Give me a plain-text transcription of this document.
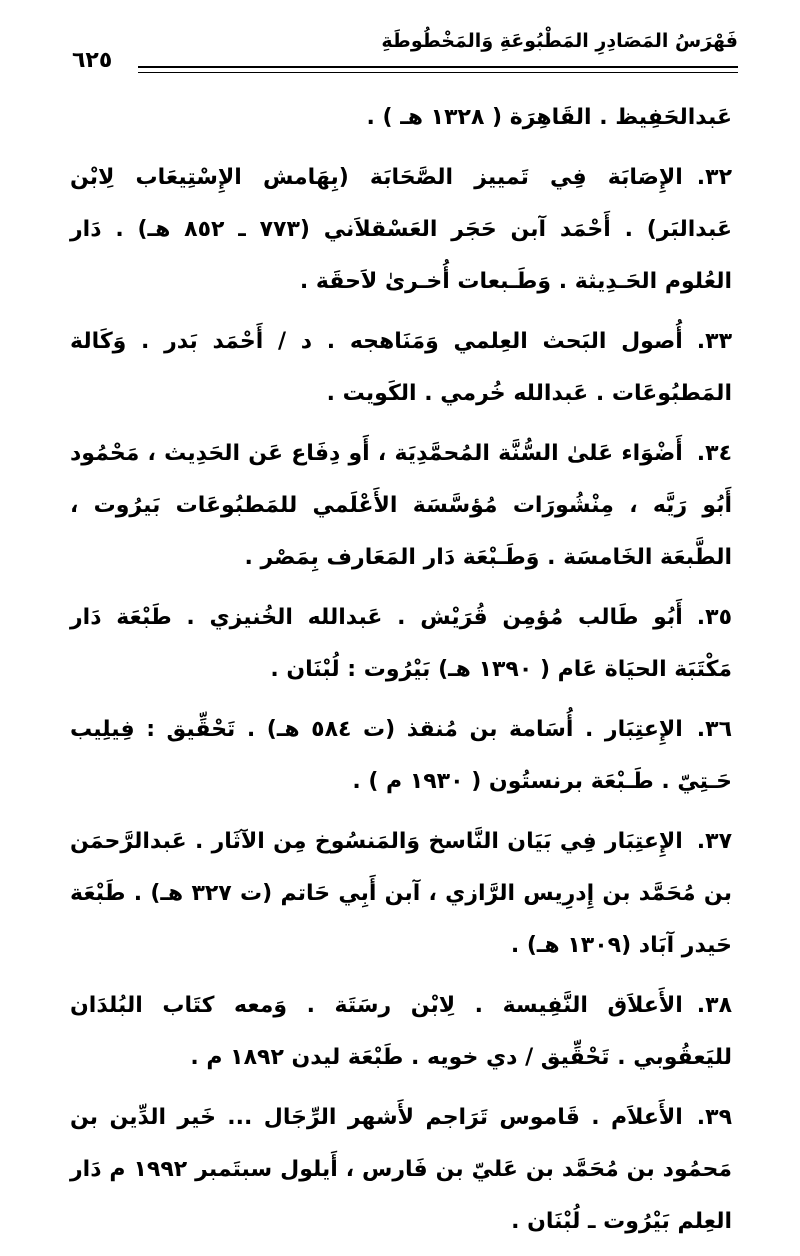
فَهْرَسُ المَصَادِرِ المَطْبُوعَةِ وَالمَخْطُوطَةِ
٦٢٥

عَبدالحَفِيظ . القَاهِرَة ( ١٣٢٨ هـ ) .

٣٢.الإِصَابَة فِي تَمييز الصَّحَابَة (بِهَامش الإِسْتِيعَاب لِابْن عَبدالبَر) . أَحْمَد آبن حَجَر العَسْقلاَني (٧٧٣ ـ ٨٥٢ هـ) . دَار العُلوم الحَـدِيثة . وَطَـبعات أُخـرىٰ لاَحقَة .

٣٣.أُصول البَحث العِلمي وَمَنَاهجه . د / أَحْمَد بَدر . وَكَالة المَطبُوعَات . عَبدالله خُرمي . الكَويت .

٣٤.أَضْوَاء عَلىٰ السُّنَّة المُحمَّدِيَة ، أَو دِفَاع عَن الحَدِيث ، مَحْمُود أَبُو رَيَّه ، مِنْشُورَات مُؤسَّسَة الأَعْلَمي للمَطبُوعَات بَيرُوت ، الطَّبعَة الخَامسَة . وَطَـبْعَة دَار المَعَارف بِمَصْر .

٣٥.أَبُو طَالب مُؤمِن قُرَيْش . عَبدالله الخُنيزي . طَبْعَة دَار مَكْتَبَة الحيَاة عَام ( ١٣٩٠ هـ) بَيْرُوت : لُبْنَان .

٣٦.الإِعتِبَار . أُسَامة بن مُنقذ (ت ٥٨٤ هـ) . تَحْقِّيق : فِيلِيب حَـتِيّ . طَـبْعَة برنستُون ( ١٩٣٠ م ) .

٣٧.الإِعتِبَار فِي بَيَان النَّاسخ وَالمَنسُوخ مِن الآثَار . عَبدالرَّحمَن بن مُحَمَّد بن إِدرِيس الرَّازي ، آبن أَبِي حَاتم (ت ٣٢٧ هـ) . طَبْعَة حَيدر آبَاد (١٣٠٩ هـ) .

٣٨.الأَعلاَق النَّفِيسة . لِابْن رسَتَة . وَمعه كتَاب البُلدَان لليَعقُوبي . تَحْقِّيق / دي خويه . طَبْعَة ليدن ١٨٩٢ م .

٣٩.الأَعلاَم . قَاموس تَرَاجم لأَشهر الرِّجَال ... خَير الدِّين بن مَحمُود بن مُحَمَّد بن عَليّ بن فَارس ، أَيلول سبتَمبر ١٩٩٢ م دَار العِلم بَيْرُوت ـ لُبْنَان .
